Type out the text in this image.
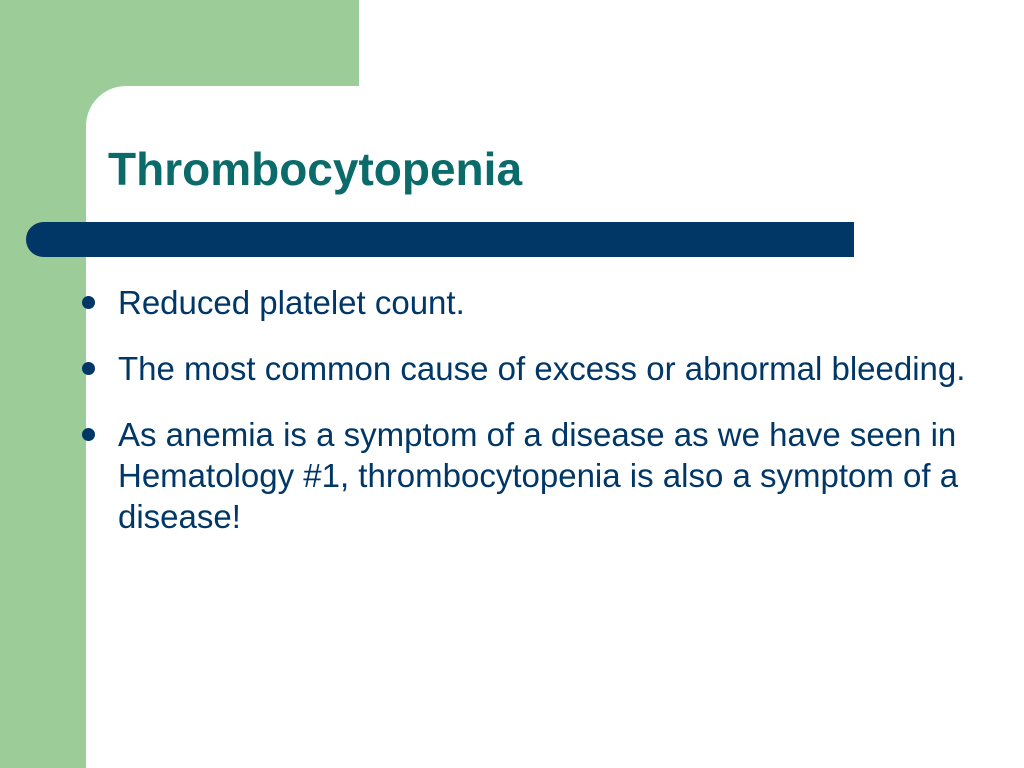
Thrombocytopenia
Reduced platelet count.
The most common cause of excess or abnormal bleeding.
As anemia is a symptom of a disease as we have seen in Hematology #1, thrombocytopenia is also a symptom of a disease!
